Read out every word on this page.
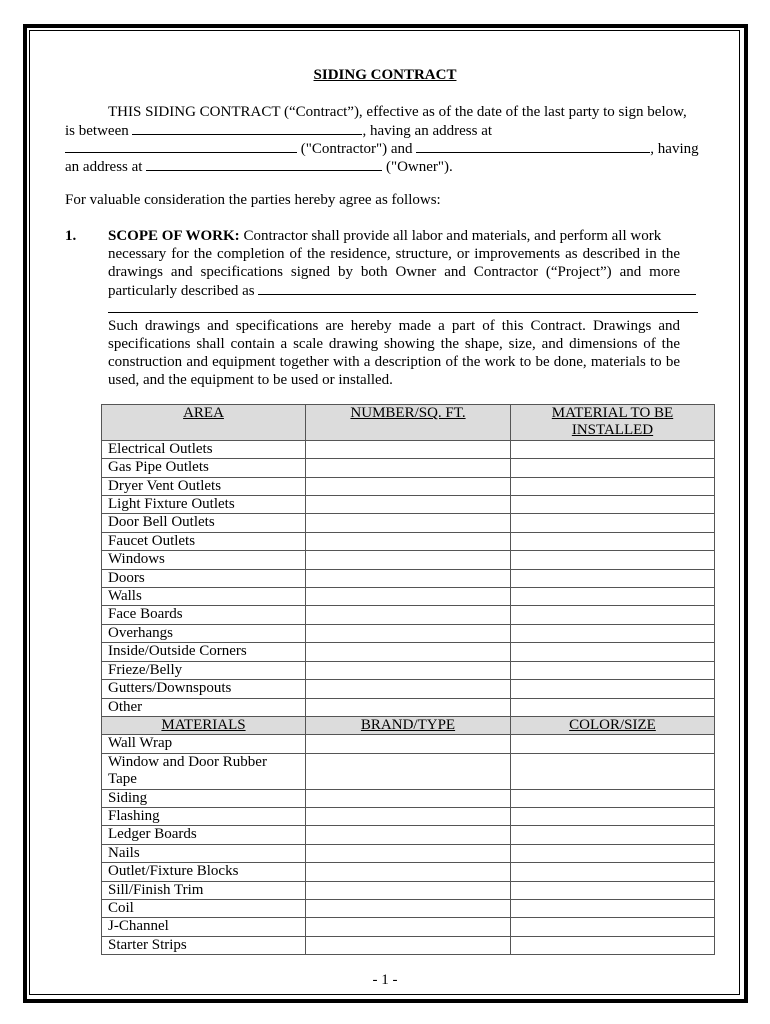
SIDING CONTRACT
THIS SIDING CONTRACT (“Contract”), effective as of the date of the last party to sign below,
is between	, having an address at
("Contractor") and	, having
an address at	("Owner").
For valuable consideration the parties hereby agree as follows:
1. SCOPE OF WORK: Contractor shall provide all labor and materials, and perform all work
necessary for the completion of the residence, structure, or improvements as described in the
drawings and specifications signed by both Owner and Contractor (“Project”) and more
particularly described as
Such drawings and specifications are hereby made a part of this Contract. Drawings and
specifications shall contain a scale drawing showing the shape, size, and dimensions of the
construction and equipment together with a description of the work to be done, materials to be
used, and the equipment to be used or installed.
AREA	NUMBER/SQ. FT.	MATERIAL TO BE INSTALLED
Electrical Outlets		
Gas Pipe Outlets		
Dryer Vent Outlets		
Light Fixture Outlets		
Door Bell Outlets		
Faucet Outlets		
Windows		
Doors		
Walls		
Face Boards		
Overhangs		
Inside/Outside Corners		
Frieze/Belly		
Gutters/Downspouts		
Other		
MATERIALS	BRAND/TYPE	COLOR/SIZE
Wall Wrap		
Window and Door Rubber Tape		
Siding		
Flashing		
Ledger Boards		
Nails		
Outlet/Fixture Blocks		
Sill/Finish Trim		
Coil		
J-Channel		
Starter Strips		
- 1 -
